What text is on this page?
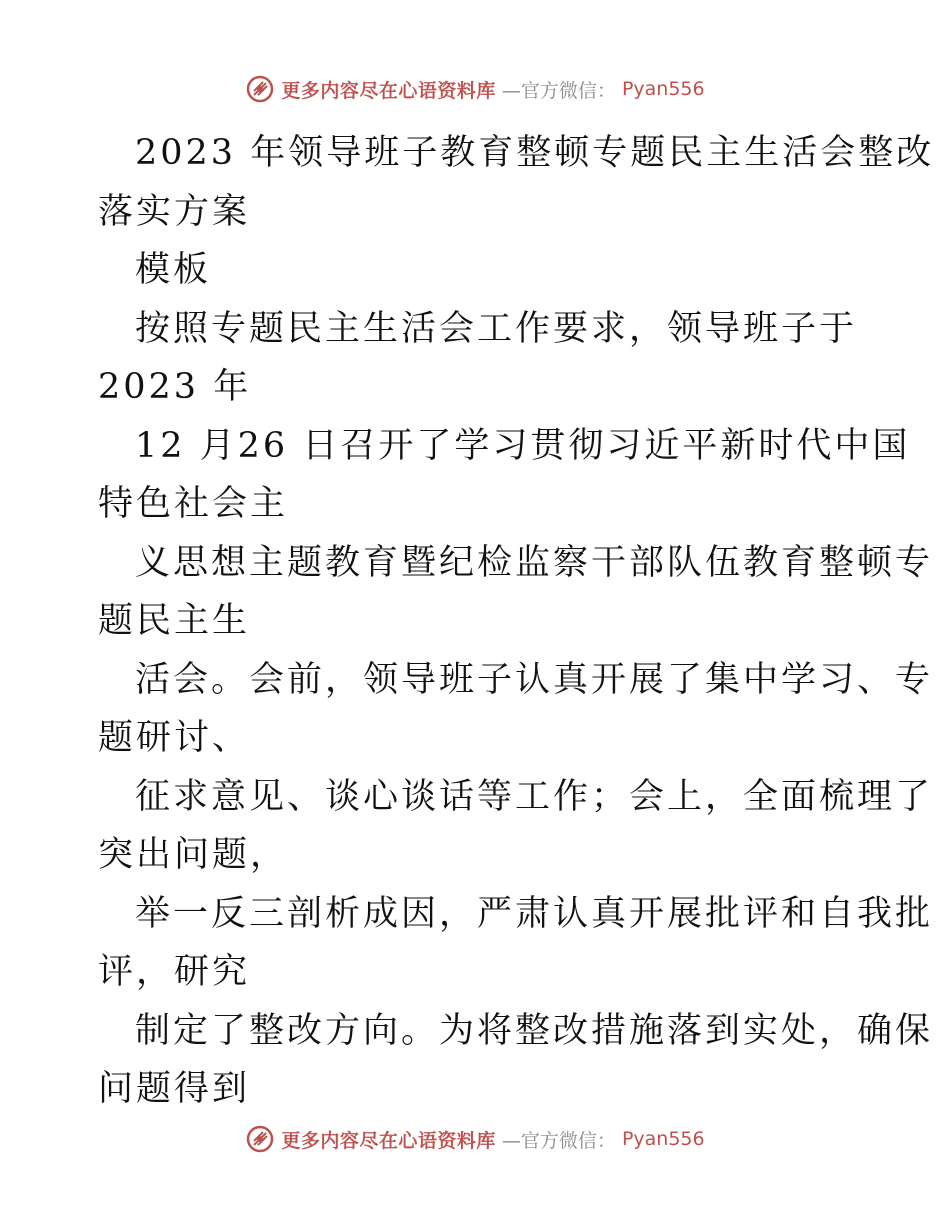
更多内容尽在心语资料库 —官方微信： Pyan556
2023 年领导班子教育整顿专题民主生活会整改
落实方案
模板
按照专题民主生活会工作要求，领导班子于
2023 年
12 月26 日召开了学习贯彻习近平新时代中国
特色社会主
义思想主题教育暨纪检监察干部队伍教育整顿专
题民主生
活会。会前，领导班子认真开展了集中学习、专
题研讨、
征求意见、谈心谈话等工作；会上，全面梳理了
突出问题，
举一反三剖析成因，严肃认真开展批评和自我批
评，研究
制定了整改方向。为将整改措施落到实处，确保
问题得到
更多内容尽在心语资料库 —官方微信： Pyan556
